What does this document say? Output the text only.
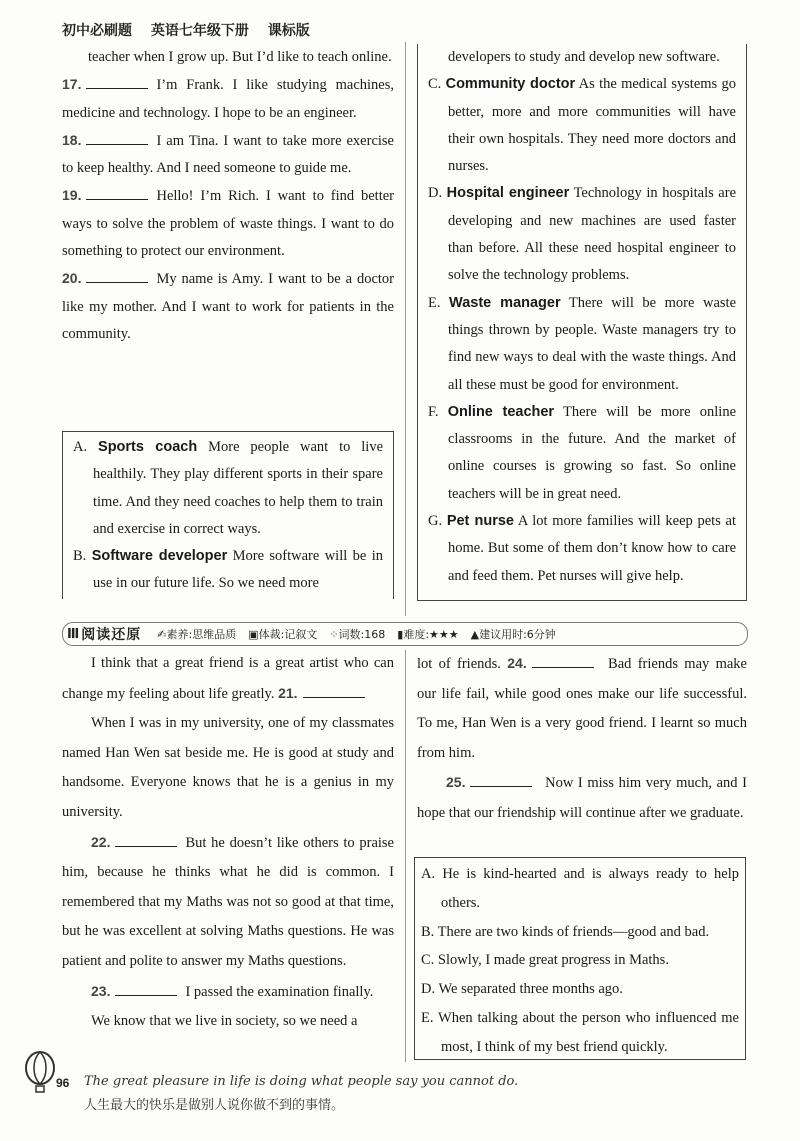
初中必刷题 英语七年级下册 课标版
teacher when I grow up. But I’d like to teach online.
17.	I’m Frank. I like studying machines, medicine and technology. I hope to be an engineer.
18.	I am Tina. I want to take more exercise to keep healthy. And I need someone to guide me.
19.	Hello! I’m Rich. I want to find better ways to solve the problem of waste things. I want to do something to protect our environment.
20.	My name is Amy. I want to be a doctor like my mother. And I want to work for patients in the community.
A. Sports coach More people want to live healthily. They play different sports in their spare time. And they need coaches to help them to train and exercise in correct ways.
B. Software developer More software will be in use in our future life. So we need more
developers to study and develop new software.
C. Community doctor As the medical systems go better, more and more communities will have their own hospitals. They need more doctors and nurses.
D. Hospital engineer Technology in hospitals are developing and new machines are used faster than before. All these need hospital engineer to solve the technology problems.
E. Waste manager There will be more waste things thrown by people. Waste managers try to find new ways to deal with the waste things. And all these must be good for environment.
F. Online teacher There will be more online classrooms in the future. And the market of online courses is growing so fast. So online teachers will be in great need.
G. Pet nurse A lot more families will keep pets at home. But some of them don’t know how to care and feed them. Pet nurses will give help.
Ⅲ 阅读还原 ✍素养:思维品质 ▣体裁:记叙文 ⁘词数:168 ▮难度:★★★ ▲建议用时:6分钟
I think that a great friend is a great artist who can change my feeling about life greatly. 21.
When I was in my university, one of my classmates named Han Wen sat beside me. He is good at study and handsome. Everyone knows that he is a genius in my university.
22.	But he doesn’t like others to praise him, because he thinks what he did is common. I remembered that my Maths was not so good at that time, but he was excellent at solving Maths questions. He was patient and polite to answer my Maths questions.
23.	I passed the examination finally.
We know that we live in society, so we need a
lot of friends. 24.	Bad friends may make our life fail, while good ones make our life successful. To me, Han Wen is a very good friend. I learnt so much from him.
25.	Now I miss him very much, and I hope that our friendship will continue after we graduate.
A. He is kind-hearted and is always ready to help others.
B. There are two kinds of friends—good and bad.
C. Slowly, I made great progress in Maths.
D. We separated three months ago.
E. When talking about the person who influenced me most, I think of my best friend quickly.
96 The great pleasure in life is doing what people say you cannot do.
人生最大的快乐是做别人说你做不到的事情。
